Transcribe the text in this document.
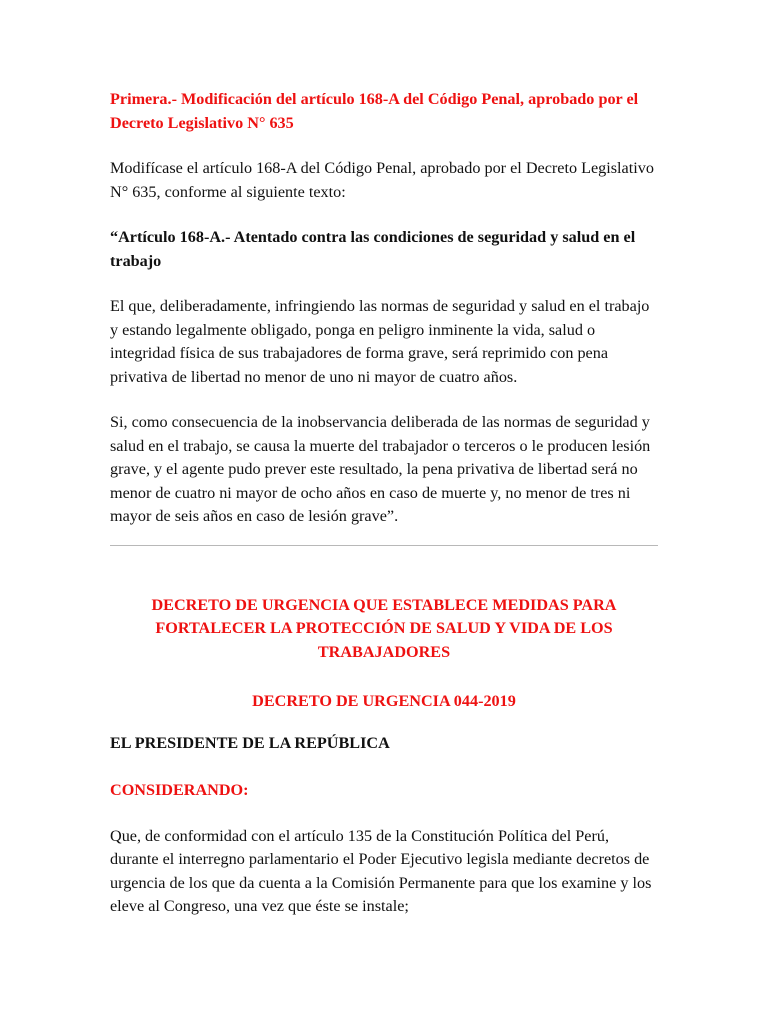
Primera.- Modificación del artículo 168-A del Código Penal, aprobado por el Decreto Legislativo N° 635

Modifícase el artículo 168-A del Código Penal, aprobado por el Decreto Legislativo N° 635, conforme al siguiente texto:

“Artículo 168-A.- Atentado contra las condiciones de seguridad y salud en el trabajo

El que, deliberadamente, infringiendo las normas de seguridad y salud en el trabajo y estando legalmente obligado, ponga en peligro inminente la vida, salud o integridad física de sus trabajadores de forma grave, será reprimido con pena privativa de libertad no menor de uno ni mayor de cuatro años.

Si, como consecuencia de la inobservancia deliberada de las normas de seguridad y salud en el trabajo, se causa la muerte del trabajador o terceros o le producen lesión grave, y el agente pudo prever este resultado, la pena privativa de libertad será no menor de cuatro ni mayor de ocho años en caso de muerte y, no menor de tres ni mayor de seis años en caso de lesión grave”.

DECRETO DE URGENCIA QUE ESTABLECE MEDIDAS PARA FORTALECER LA PROTECCIÓN DE SALUD Y VIDA DE LOS TRABAJADORES

DECRETO DE URGENCIA 044-2019

EL PRESIDENTE DE LA REPÚBLICA

CONSIDERANDO:

Que, de conformidad con el artículo 135 de la Constitución Política del Perú, durante el interregno parlamentario el Poder Ejecutivo legisla mediante decretos de urgencia de los que da cuenta a la Comisión Permanente para que los examine y los eleve al Congreso, una vez que éste se instale;
